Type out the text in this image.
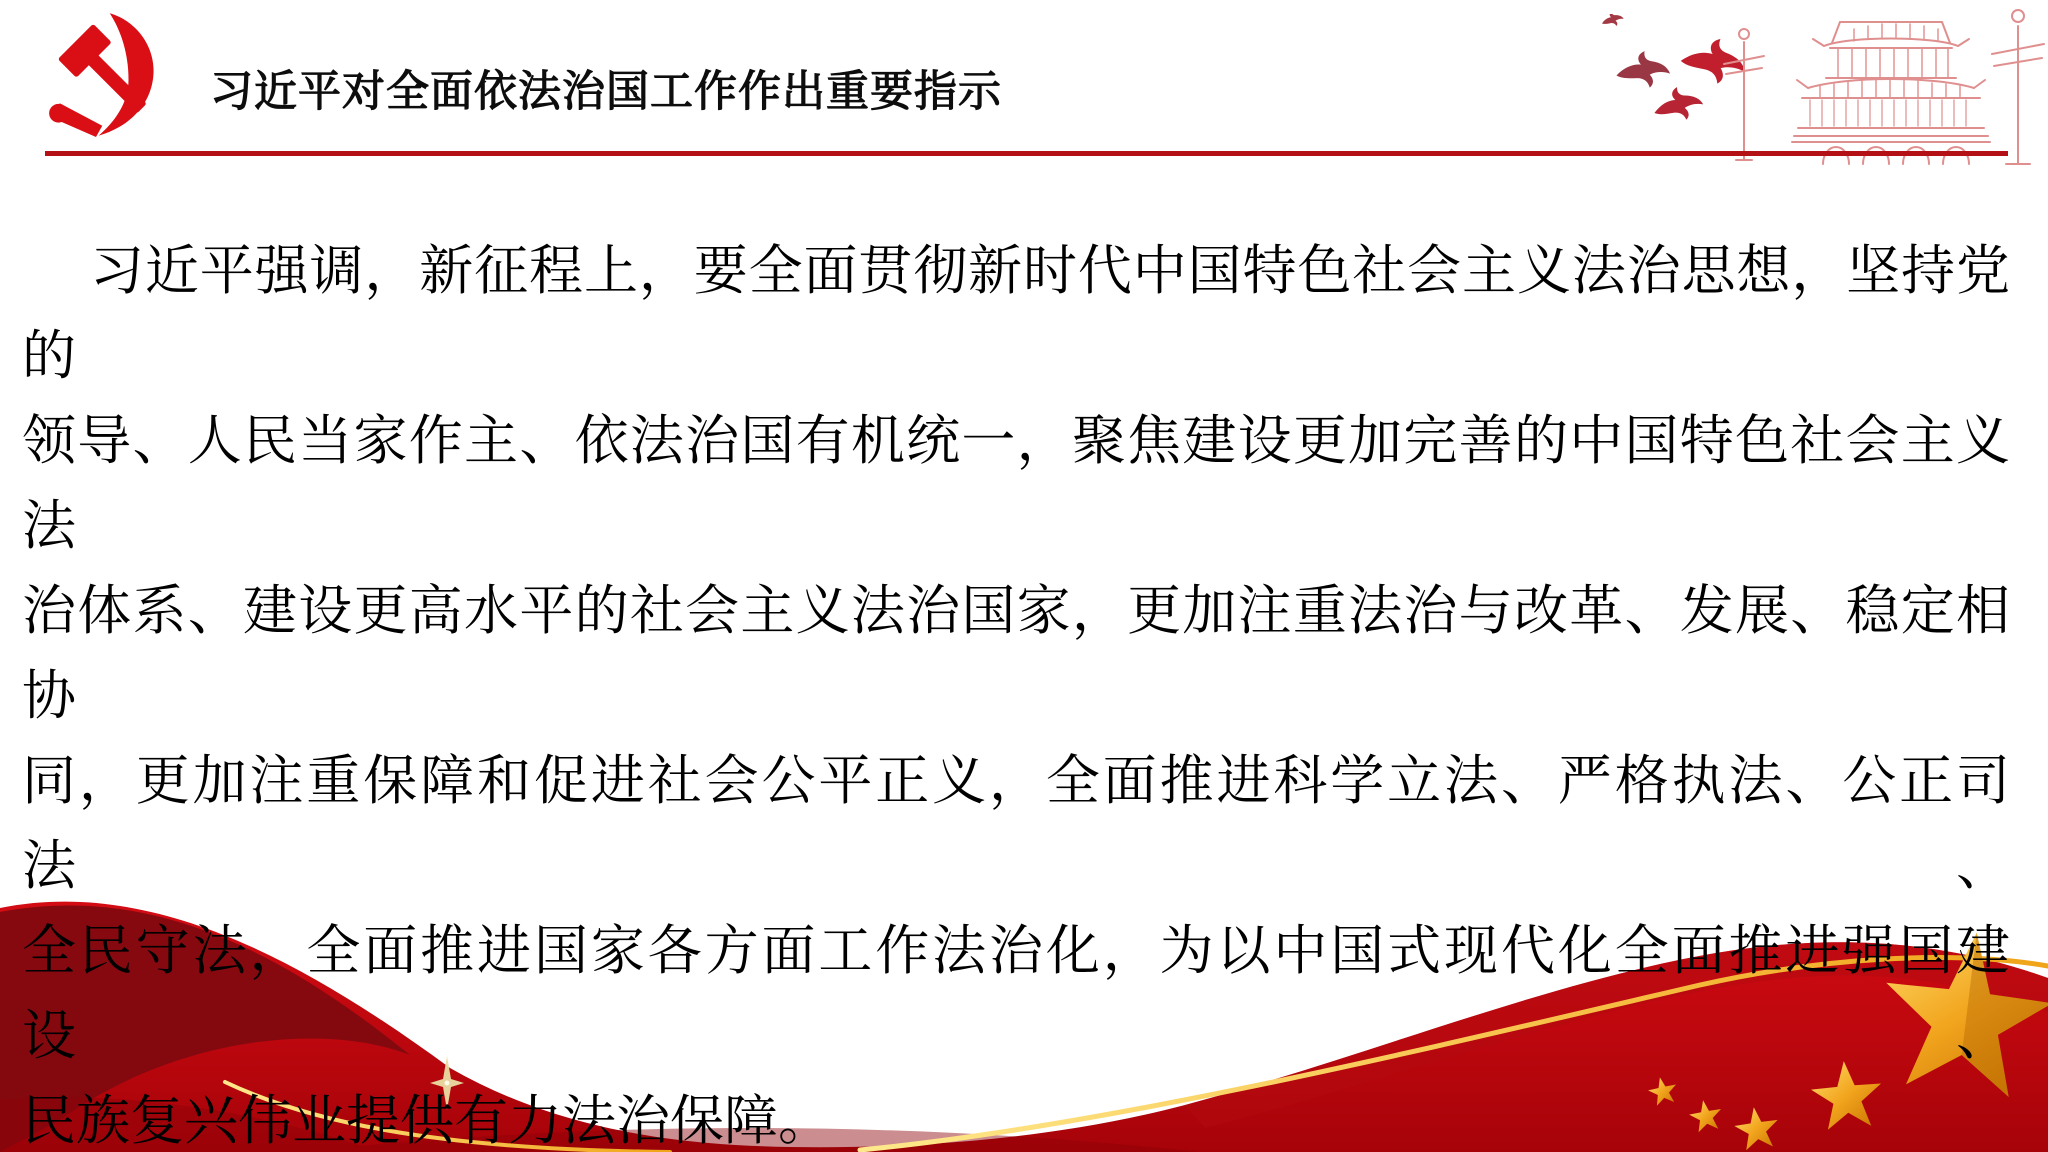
习近平对全面依法治国工作作出重要指示
习近平强调，新征程上，要全面贯彻新时代中国特色社会主义法治思想，坚持党的
领导、人民当家作主、依法治国有机统一，聚焦建设更加完善的中国特色社会主义法
治体系、建设更高水平的社会主义法治国家，更加注重法治与改革、发展、稳定相协
同，更加注重保障和促进社会公平正义，全面推进科学立法、严格执法、公正司法、
全民守法，全面推进国家各方面工作法治化，为以中国式现代化全面推进强国建设、
民族复兴伟业提供有力法治保障。
